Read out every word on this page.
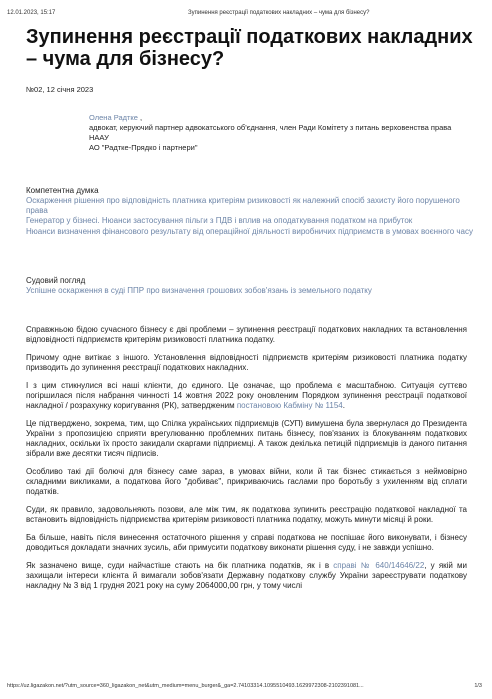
12.01.2023, 15:17	Зупинення реєстрації податкових накладних – чума для бізнесу?
Зупинення реєстрації податкових накладних – чума для бізнесу?
№02, 12 січня 2023
Олена Радтке ,
адвокат, керуючий партнер адвокатського об'єднання, член Ради Комітету з питань верховенства права НААУ
АО "Радтке-Прядко і партнери"

Компетентна думка

Оскарження рішення про відповідність платника критеріям ризиковості як належний спосіб захисту його порушеного права
Генератор у бізнесі. Нюанси застосування пільги з ПДВ і вплив на оподаткування податком на прибуток
Нюанси визначення фінансового результату від операційної діяльності виробничих підприємств в умовах воєнного часу

Судовий погляд

Успішне оскарження в суді ППР про визначення грошових зобов'язань із земельного податку

Справжньою бідою сучасного бізнесу є дві проблеми – зупинення реєстрації податкових накладних та встановлення відповідності підприємств критеріям ризиковості платника податку.

Причому одне витікає з іншого. Установлення відповідності підприємств критеріям ризиковості платника податку призводить до зупинення реєстрації податкових накладних.

І з цим стикнулися всі наші клієнти, до єдиного. Це означає, що проблема є масштабною. Ситуація суттєво погіршилася після набрання чинності 14 жовтня 2022 року оновленим Порядком зупинення реєстрації податкової накладної / розрахунку коригування (РК), затвердженим постановою Кабміну № 1154.

Це підтверджено, зокрема, тим, що Спілка українських підприємців (СУП) вимушена була звернулася до Президента України з пропозицією сприяти врегулюванню проблемних питань бізнесу, пов'язаних із блокуванням податкових накладних, оскільки їх просто закидали скаргами підприємці. А також декілька петицій підприємців із даного питання зібрали вже десятки тисяч підписів.

Особливо такі дії болючі для бізнесу саме зараз, в умовах війни, коли й так бізнес стикається з неймовірно складними викликами, а податкова його "добиває", прикриваючись гаслами про боротьбу з ухиленням від сплати податків.

Суди, як правило, задовольняють позови, але між тим, як податкова зупинить реєстрацію податкової накладної та встановить відповідність підприємства критеріям ризиковості платника податку, можуть минути місяці й роки.

Ба більше, навіть після винесення остаточного рішення у справі податкова не поспішає його виконувати, і бізнесу доводиться докладати значних зусиль, аби примусити податкову виконати рішення суду, і не завжди успішно.

Як зазначено вище, суди найчастіше стають на бік платника податків, як і в справі № 640/14646/22, у якій ми захищали інтереси клієнта й вимагали зобов'язати Державну податкову службу України зареєструвати податкову накладну № 3 від 1 грудня 2021 року на суму 2064000,00 грн, у тому числі

https://uz.ligazakon.net/?utm_source=360_ligazakon_net&utm_medium=menu_burger&_ga=2.74103314.1095510493.1629972308-2102391081...	1/3
